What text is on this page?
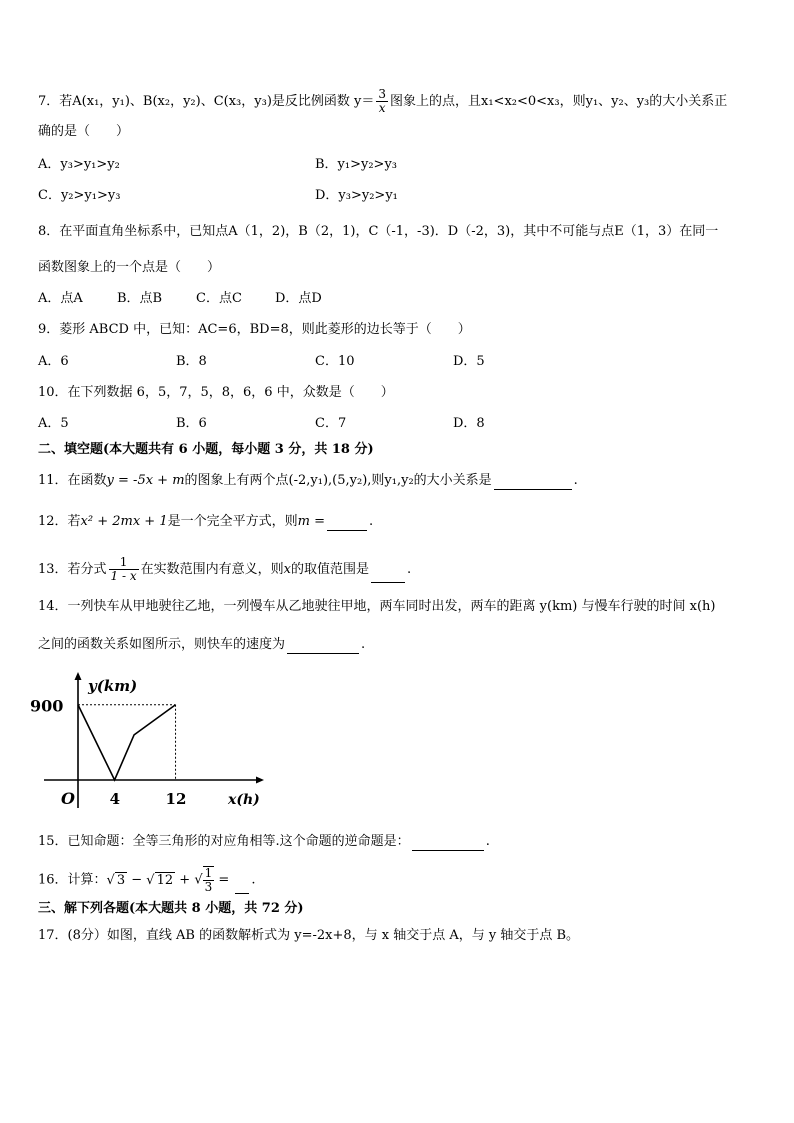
7．若A(x₁，y₁)、B(x₂，y₂)、C(x₃，y₃)是反比例函数 $y= \frac{3}{x}$ 图象上的点，且x₁<x₂<0<x₃，则y₁、y₂、y₃的大小关系正
确的是（　　）
A．y₃>y₁>y₂	B．y₁>y₂>y₃
C．y₂>y₁>y₃	D．y₃>y₂>y₁
8．在平面直角坐标系中，已知点A（1，2)，B（2，1)，C（-1，-3)．D（-2，3)，其中不可能与点E（1，3）在同一
函数图象上的一个点是（　　）
A．点A	B．点B	C．点C	D．点D
9．菱形 ABCD 中，已知：AC=6，BD=8，则此菱形的边长等于（　　）
A．6	B．8	C．10	D．5
10．在下列数据 6，5，7，5，8，6，6 中，众数是（　　）
A．5	B．6	C．7	D．8
二、填空题(本大题共有 6 小题，每小题 3 分，共 18 分)
11．在函数y = -5x + m的图象上有两个点(-2,y₁),(5,y₂),则y₁,y₂的大小关系是	.
12．若x² + 2mx + 1是一个完全平方式，则m =	.
13．若分式 $\frac{1}{1 - x}$ 在实数范围内有意义，则x的取值范围是	.
14．一列快车从甲地驶往乙地，一列慢车从乙地驶往甲地，两车同时出发，两车的距离 y(km) 与慢车行驶的时间 x(h)
之间的函数关系如图所示，则快车的速度为	.
y(km)
x(h)
O
900
4	12
15．已知命题：全等三角形的对应角相等.这个命题的逆命题是：	.
16．计算：√ 3 − √ 12 + √ $\frac{1}{3}$ = .
三、解下列各题(本大题共 8 小题，共 72 分)
17．(8分）如图，直线 AB 的函数解析式为 y=-2x+8，与 x 轴交于点 A，与 y 轴交于点 B。
